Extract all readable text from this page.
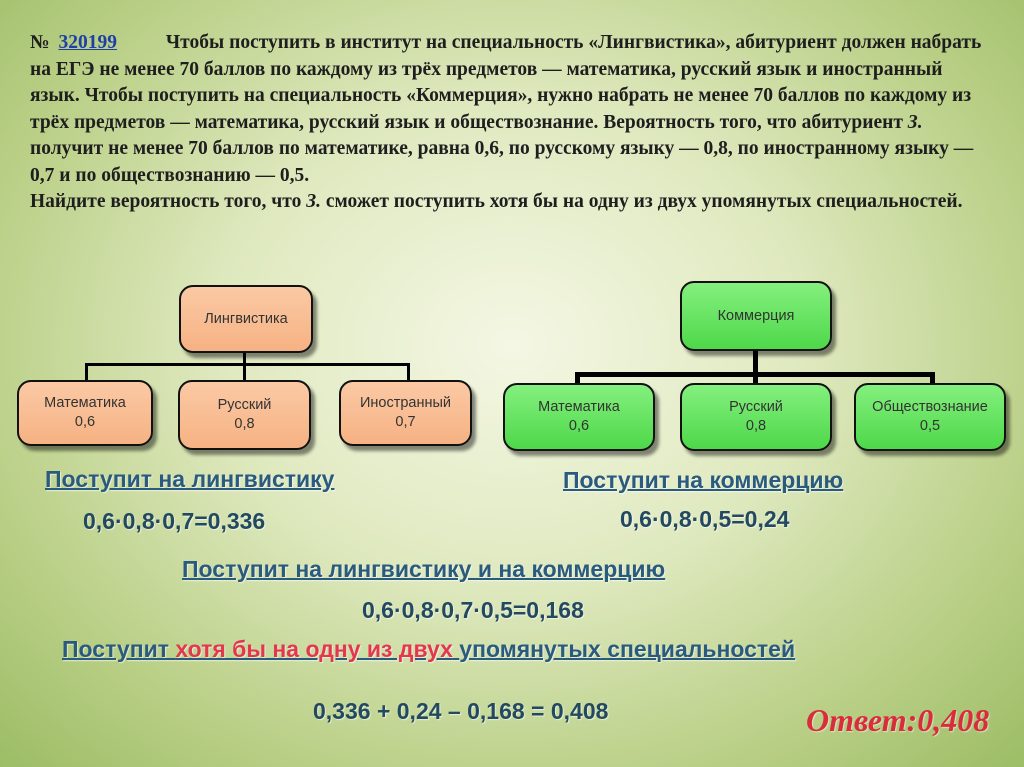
№ 320199	Чтобы поступить в институт на специальность «Лингвистика», абитуриент должен набрать на ЕГЭ не менее 70 баллов по каждому из трёх предметов — математика, русский язык и иностранный язык. Чтобы поступить на специальность «Коммерция», нужно набрать не менее 70 баллов по каждому из трёх предметов — математика, русский язык и обществознание. Вероятность того, что абитуриент З. получит не менее 70 баллов по математике, равна 0,6, по русскому языку — 0,8, по иностранному языку — 0,7 и по обществознанию — 0,5.

Найдите вероятность того, что З. сможет поступить хотя бы на одну из двух упомянутых специальностей.

Лингвистика
Математика
0,6
Русский
0,8
Иностранный
0,7
Коммерция
Математика
0,6
Русский
0,8
Обществознание
0,5
Поступит на лингвистику
0,6·0,8·0,7=0,336
Поступит на коммерцию
0,6·0,8·0,5=0,24
Поступит на лингвистику и на коммерцию
0,6·0,8·0,7·0,5=0,168
Поступит хотя бы на одну из двух упомянутых специальностей
0,336 + 0,24 – 0,168 = 0,408	Ответ:0,408
